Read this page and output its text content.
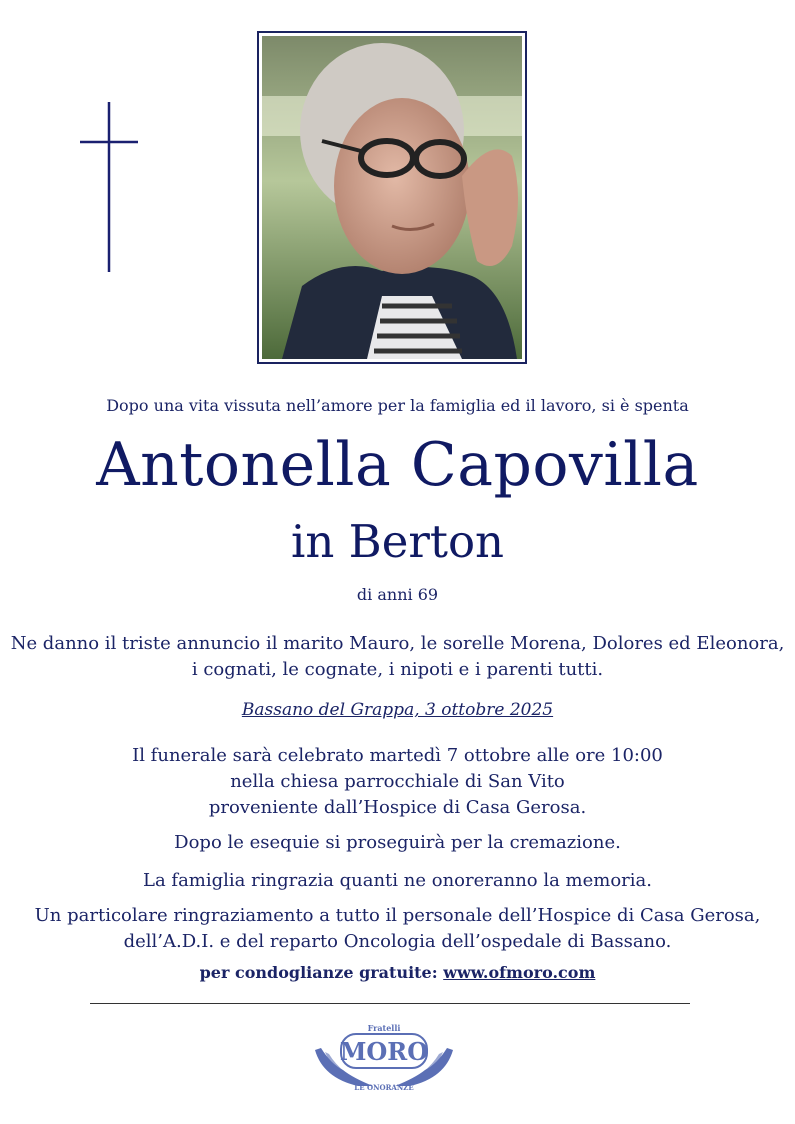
Dopo una vita vissuta nell’amore per la famiglia ed il lavoro, si è spenta
Antonella Capovilla
in Berton
di anni 69
Ne danno il triste annuncio il marito Mauro, le sorelle Morena, Dolores ed Eleonora,
i cognati, le cognate, i nipoti e i parenti tutti.
Bassano del Grappa, 3 ottobre 2025
Il funerale sarà celebrato martedì 7 ottobre alle ore 10:00
nella chiesa parrocchiale di San Vito
proveniente dall’Hospice di Casa Gerosa.
Dopo le esequie si proseguirà per la cremazione.
La famiglia ringrazia quanti ne onoreranno la memoria.
Un particolare ringraziamento a tutto il personale dell’Hospice di Casa Gerosa,
dell’A.D.I. e del reparto Oncologia dell’ospedale di Bassano.
per condoglianze gratuite: www.ofmoro.com
Fratelli
MORO
LE ONORANZE
